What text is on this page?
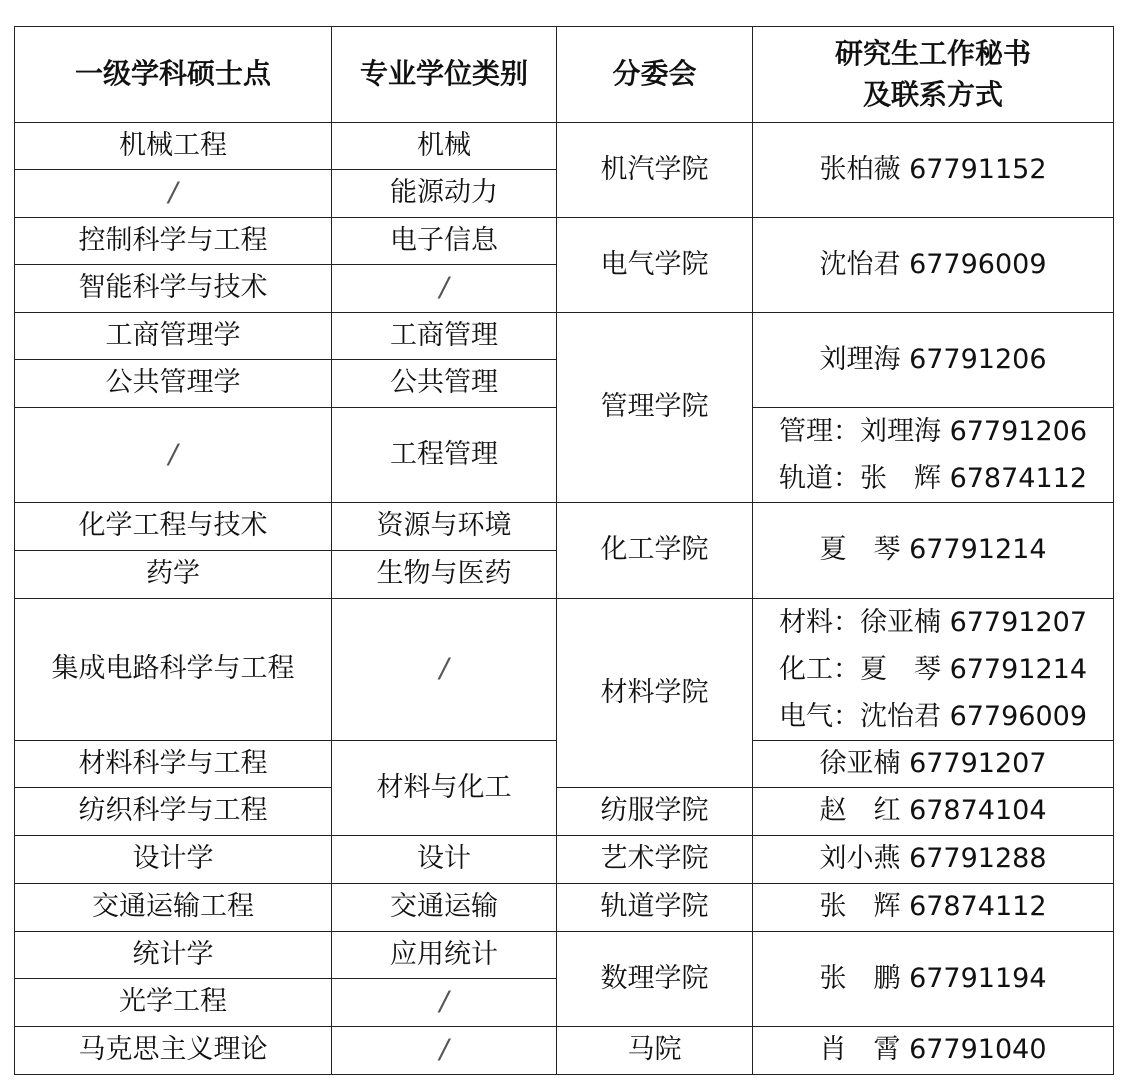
一级学科硕士点	专业学位类别	分委会	研究生工作秘书
及联系方式

机械工程	机械	机汽学院	张柏薇 67791152
/	能源动力		
控制科学与工程	电子信息	电气学院	沈怡君 67796009
智能科学与技术	/		
工商管理学	工商管理	管理学院	刘理海 67791206
公共管理学	公共管理		
/	工程管理		管理：刘理海 67791206
轨道：张　辉 67874112

化学工程与技术	资源与环境	化工学院	夏　琴 67791214
药学	生物与医药		
集成电路科学与工程	/	材料学院	材料：徐亚楠 67791207
化工：夏　琴 67791214
电气：沈怡君 67796009

材料科学与工程	材料与化工		徐亚楠 67791207
纺织科学与工程		纺服学院	赵　红 67874104
设计学	设计	艺术学院	刘小燕 67791288
交通运输工程	交通运输	轨道学院	张　辉 67874112
统计学	应用统计	数理学院	张　鹏 67791194
光学工程	/		
马克思主义理论	/	马院	肖　霄 67791040
